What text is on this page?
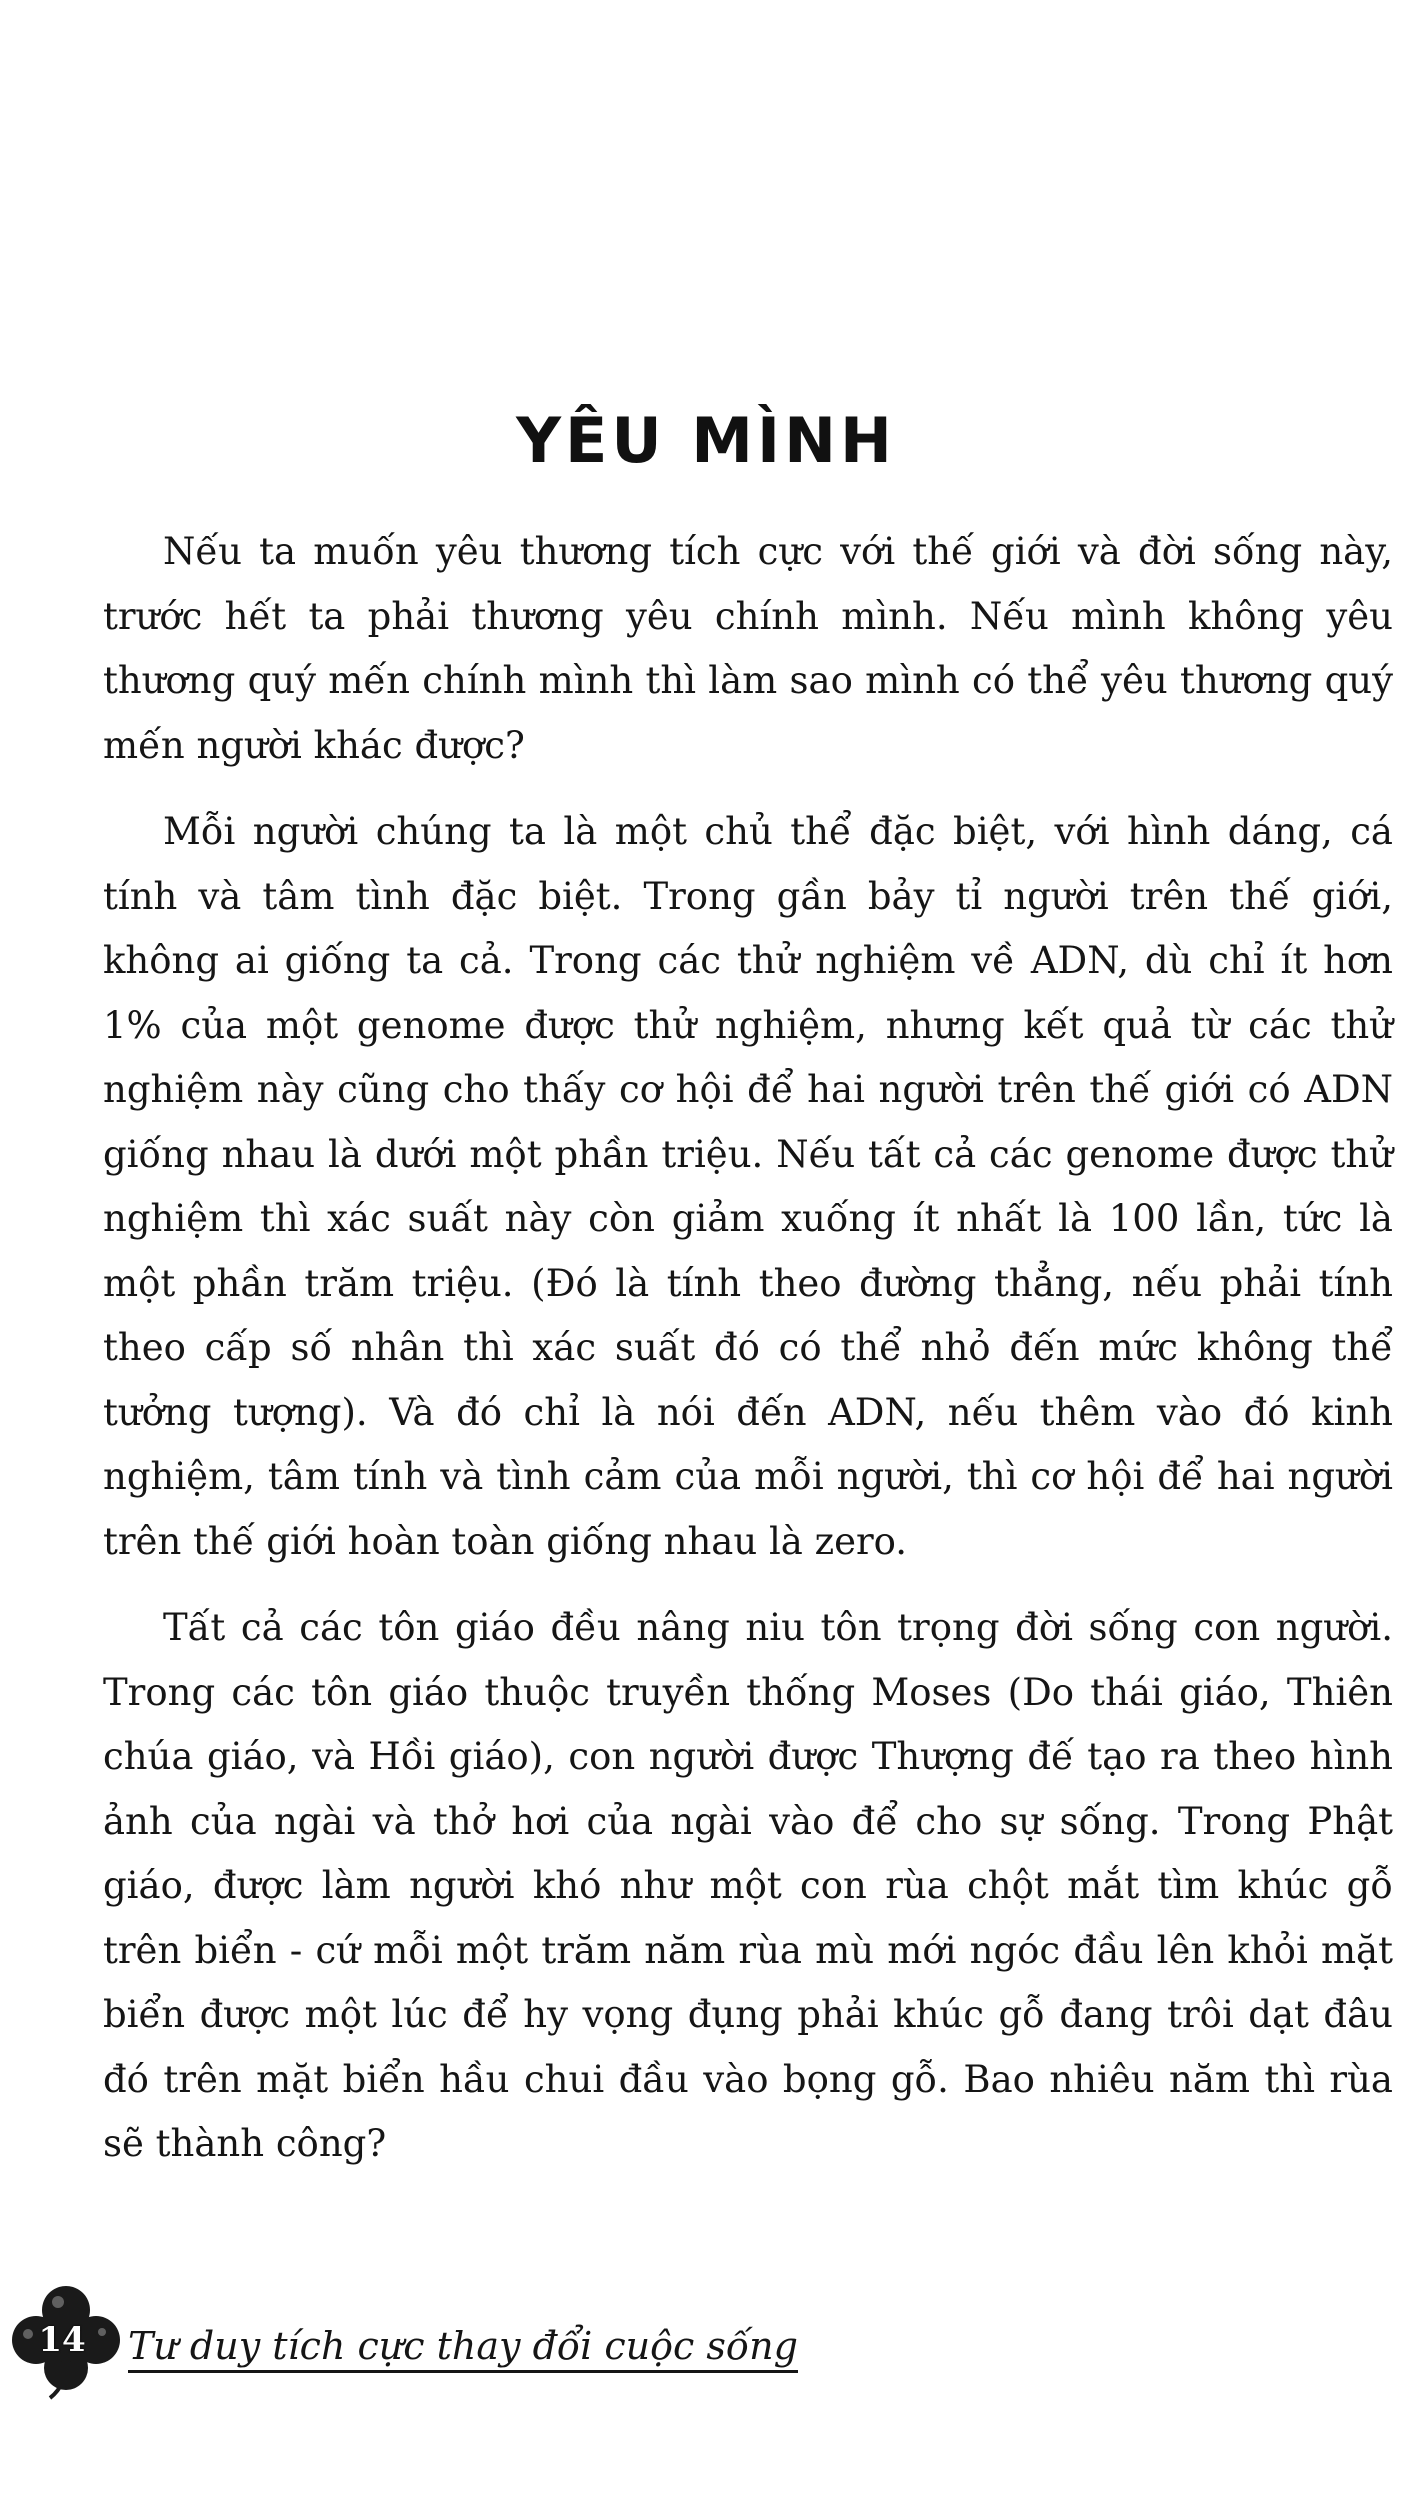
YÊU MÌNH

Nếu ta muốn yêu thương tích cực với thế giới và đời sống này, trước hết ta phải thương yêu chính mình. Nếu mình không yêu thương quý mến chính mình thì làm sao mình có thể yêu thương quý mến người khác được?

Mỗi người chúng ta là một chủ thể đặc biệt, với hình dáng, cá tính và tâm tình đặc biệt. Trong gần bảy tỉ người trên thế giới, không ai giống ta cả. Trong các thử nghiệm về ADN, dù chỉ ít hơn 1% của một genome được thử nghiệm, nhưng kết quả từ các thử nghiệm này cũng cho thấy cơ hội để hai người trên thế giới có ADN giống nhau là dưới một phần triệu. Nếu tất cả các genome được thử nghiệm thì xác suất này còn giảm xuống ít nhất là 100 lần, tức là một phần trăm triệu. (Đó là tính theo đường thẳng, nếu phải tính theo cấp số nhân thì xác suất đó có thể nhỏ đến mức không thể tưởng tượng). Và đó chỉ là nói đến ADN, nếu thêm vào đó kinh nghiệm, tâm tính và tình cảm của mỗi người, thì cơ hội để hai người trên thế giới hoàn toàn giống nhau là zero.

Tất cả các tôn giáo đều nâng niu tôn trọng đời sống con người. Trong các tôn giáo thuộc truyền thống Moses (Do thái giáo, Thiên chúa giáo, và Hồi giáo), con người được Thượng đế tạo ra theo hình ảnh của ngài và thở hơi của ngài vào để cho sự sống. Trong Phật giáo, được làm người khó như một con rùa chột mắt tìm khúc gỗ trên biển - cứ mỗi một trăm năm rùa mù mới ngóc đầu lên khỏi mặt biển được một lúc để hy vọng đụng phải khúc gỗ đang trôi dạt đâu đó trên mặt biển hầu chui đầu vào bọng gỗ. Bao nhiêu năm thì rùa sẽ thành công?

14	Tư duy tích cực thay đổi cuộc sống
